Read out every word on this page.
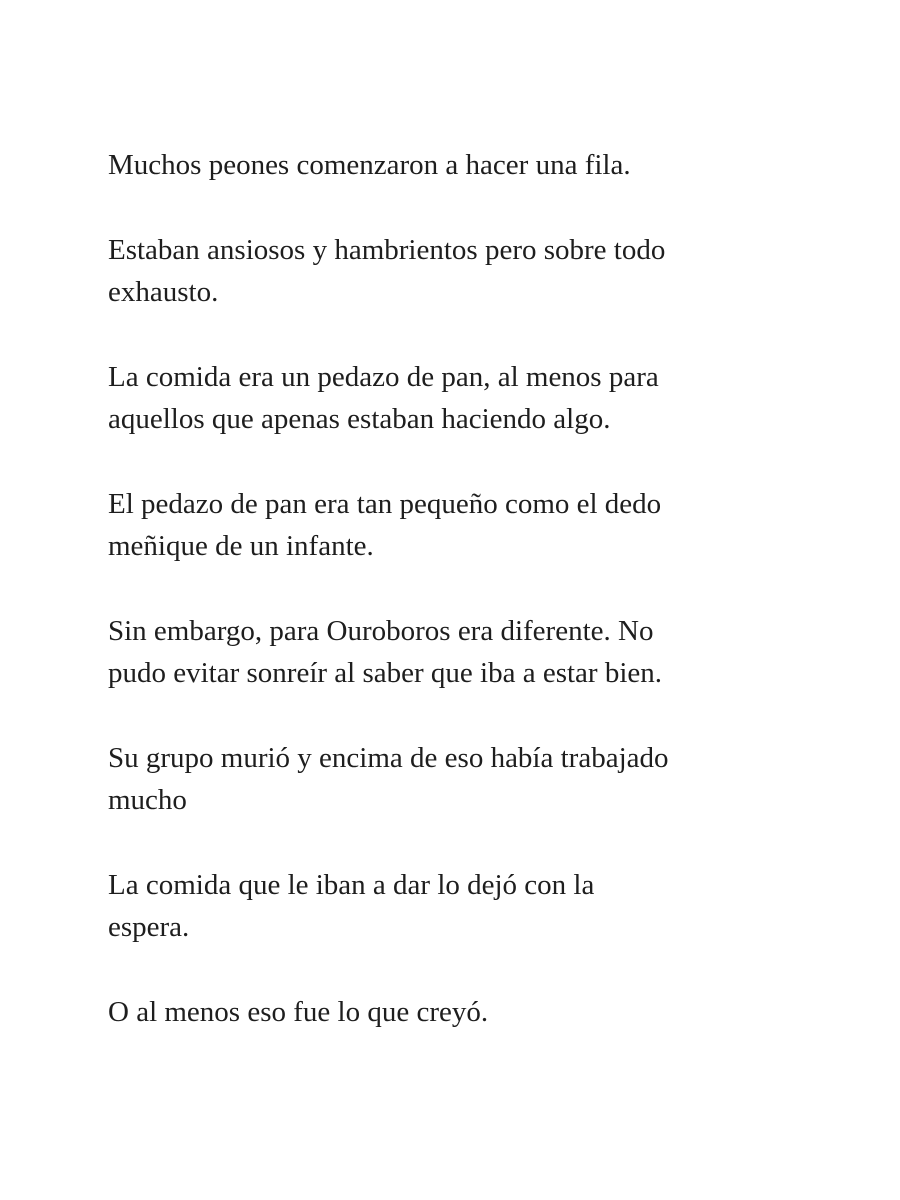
Muchos peones comenzaron a hacer una fila.

Estaban ansiosos y hambrientos pero sobre todo
exhausto.

La comida era un pedazo de pan, al menos para
aquellos que apenas estaban haciendo algo.

El pedazo de pan era tan pequeño como el dedo
meñique de un infante.

Sin embargo, para Ouroboros era diferente. No
pudo evitar sonreír al saber que iba a estar bien.

Su grupo murió y encima de eso había trabajado
mucho

La comida que le iban a dar lo dejó con la
espera.

O al menos eso fue lo que creyó.
